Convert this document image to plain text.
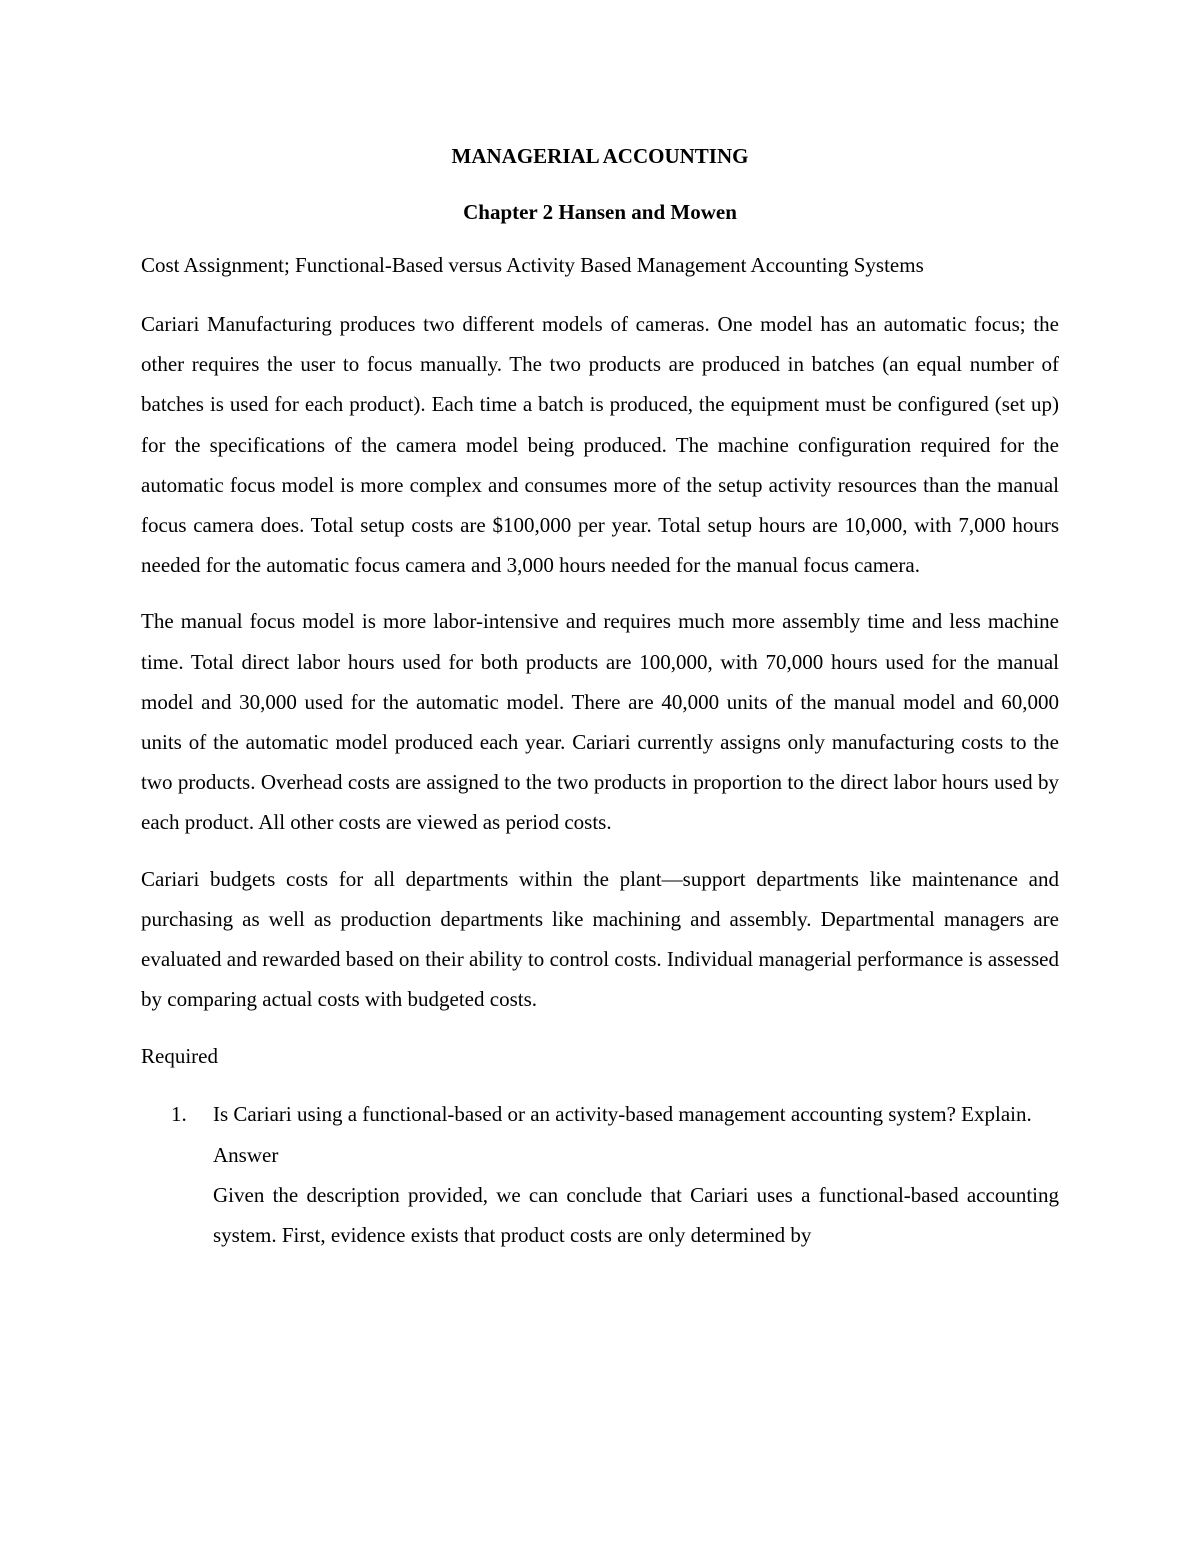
MANAGERIAL ACCOUNTING
Chapter 2 Hansen and Mowen

Cost Assignment; Functional-Based versus Activity Based Management Accounting Systems

Cariari Manufacturing produces two different models of cameras. One model has an automatic focus; the other requires the user to focus manually. The two products are produced in batches (an equal number of batches is used for each product). Each time a batch is produced, the equipment must be configured (set up) for the specifications of the camera model being produced. The machine configuration required for the automatic focus model is more complex and consumes more of the setup activity resources than the manual focus camera does. Total setup costs are $100,000 per year. Total setup hours are 10,000, with 7,000 hours needed for the automatic focus camera and 3,000 hours needed for the manual focus camera.

The manual focus model is more labor-intensive and requires much more assembly time and less machine time. Total direct labor hours used for both products are 100,000, with 70,000 hours used for the manual model and 30,000 used for the automatic model. There are 40,000 units of the manual model and 60,000 units of the automatic model produced each year. Cariari currently assigns only manufacturing costs to the two products. Overhead costs are assigned to the two products in proportion to the direct labor hours used by each product. All other costs are viewed as period costs.

Cariari budgets costs for all departments within the plant—support departments like maintenance and purchasing as well as production departments like machining and assembly. Departmental managers are evaluated and rewarded based on their ability to control costs. Individual managerial performance is assessed by comparing actual costs with budgeted costs.

Required

1. Is Cariari using a functional-based or an activity-based management accounting system? Explain.

Answer

Given the description provided, we can conclude that Cariari uses a functional-based accounting system. First, evidence exists that product costs are only determined by
